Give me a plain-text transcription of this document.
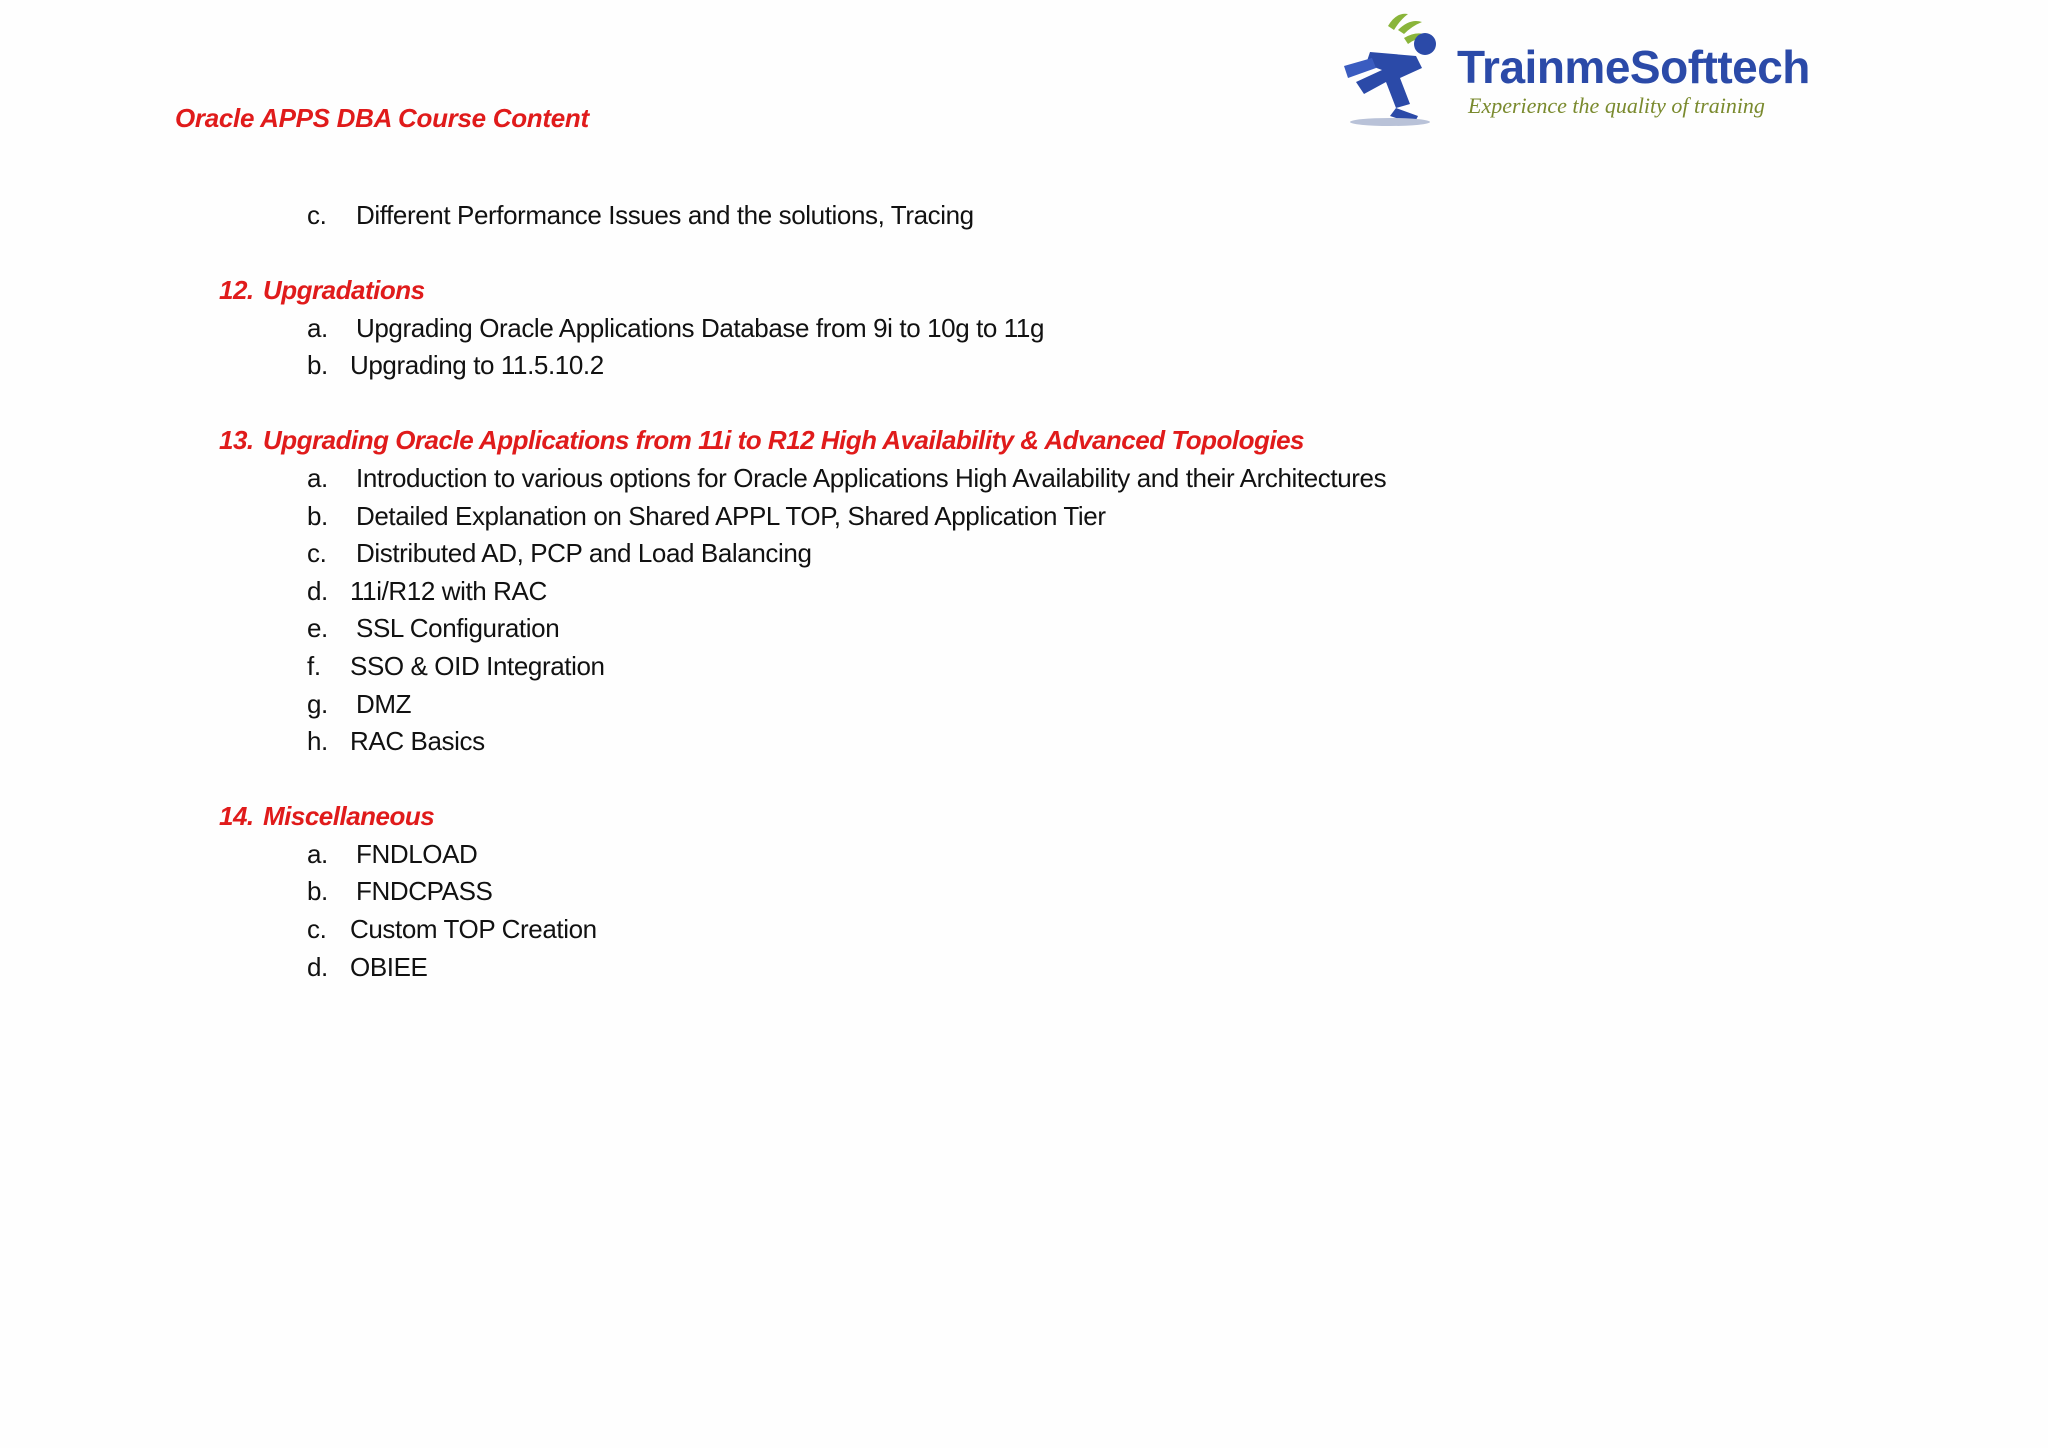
Oracle APPS DBA Course Content
TrainmeSofttech
Experience the quality of training
c. Different Performance Issues and the solutions, Tracing
12. Upgradations
a. Upgrading Oracle Applications Database from 9i to 10g to 11g
b. Upgrading to 11.5.10.2
13. Upgrading Oracle Applications from 11i to R12 High Availability & Advanced Topologies
a. Introduction to various options for Oracle Applications High Availability and their Architectures
b. Detailed Explanation on Shared APPL TOP, Shared Application Tier
c. Distributed AD, PCP and Load Balancing
d. 11i/R12 with RAC
e. SSL Configuration
f. SSO & OID Integration
g. DMZ
h. RAC Basics
14. Miscellaneous
a. FNDLOAD
b. FNDCPASS
c. Custom TOP Creation
d. OBIEE
